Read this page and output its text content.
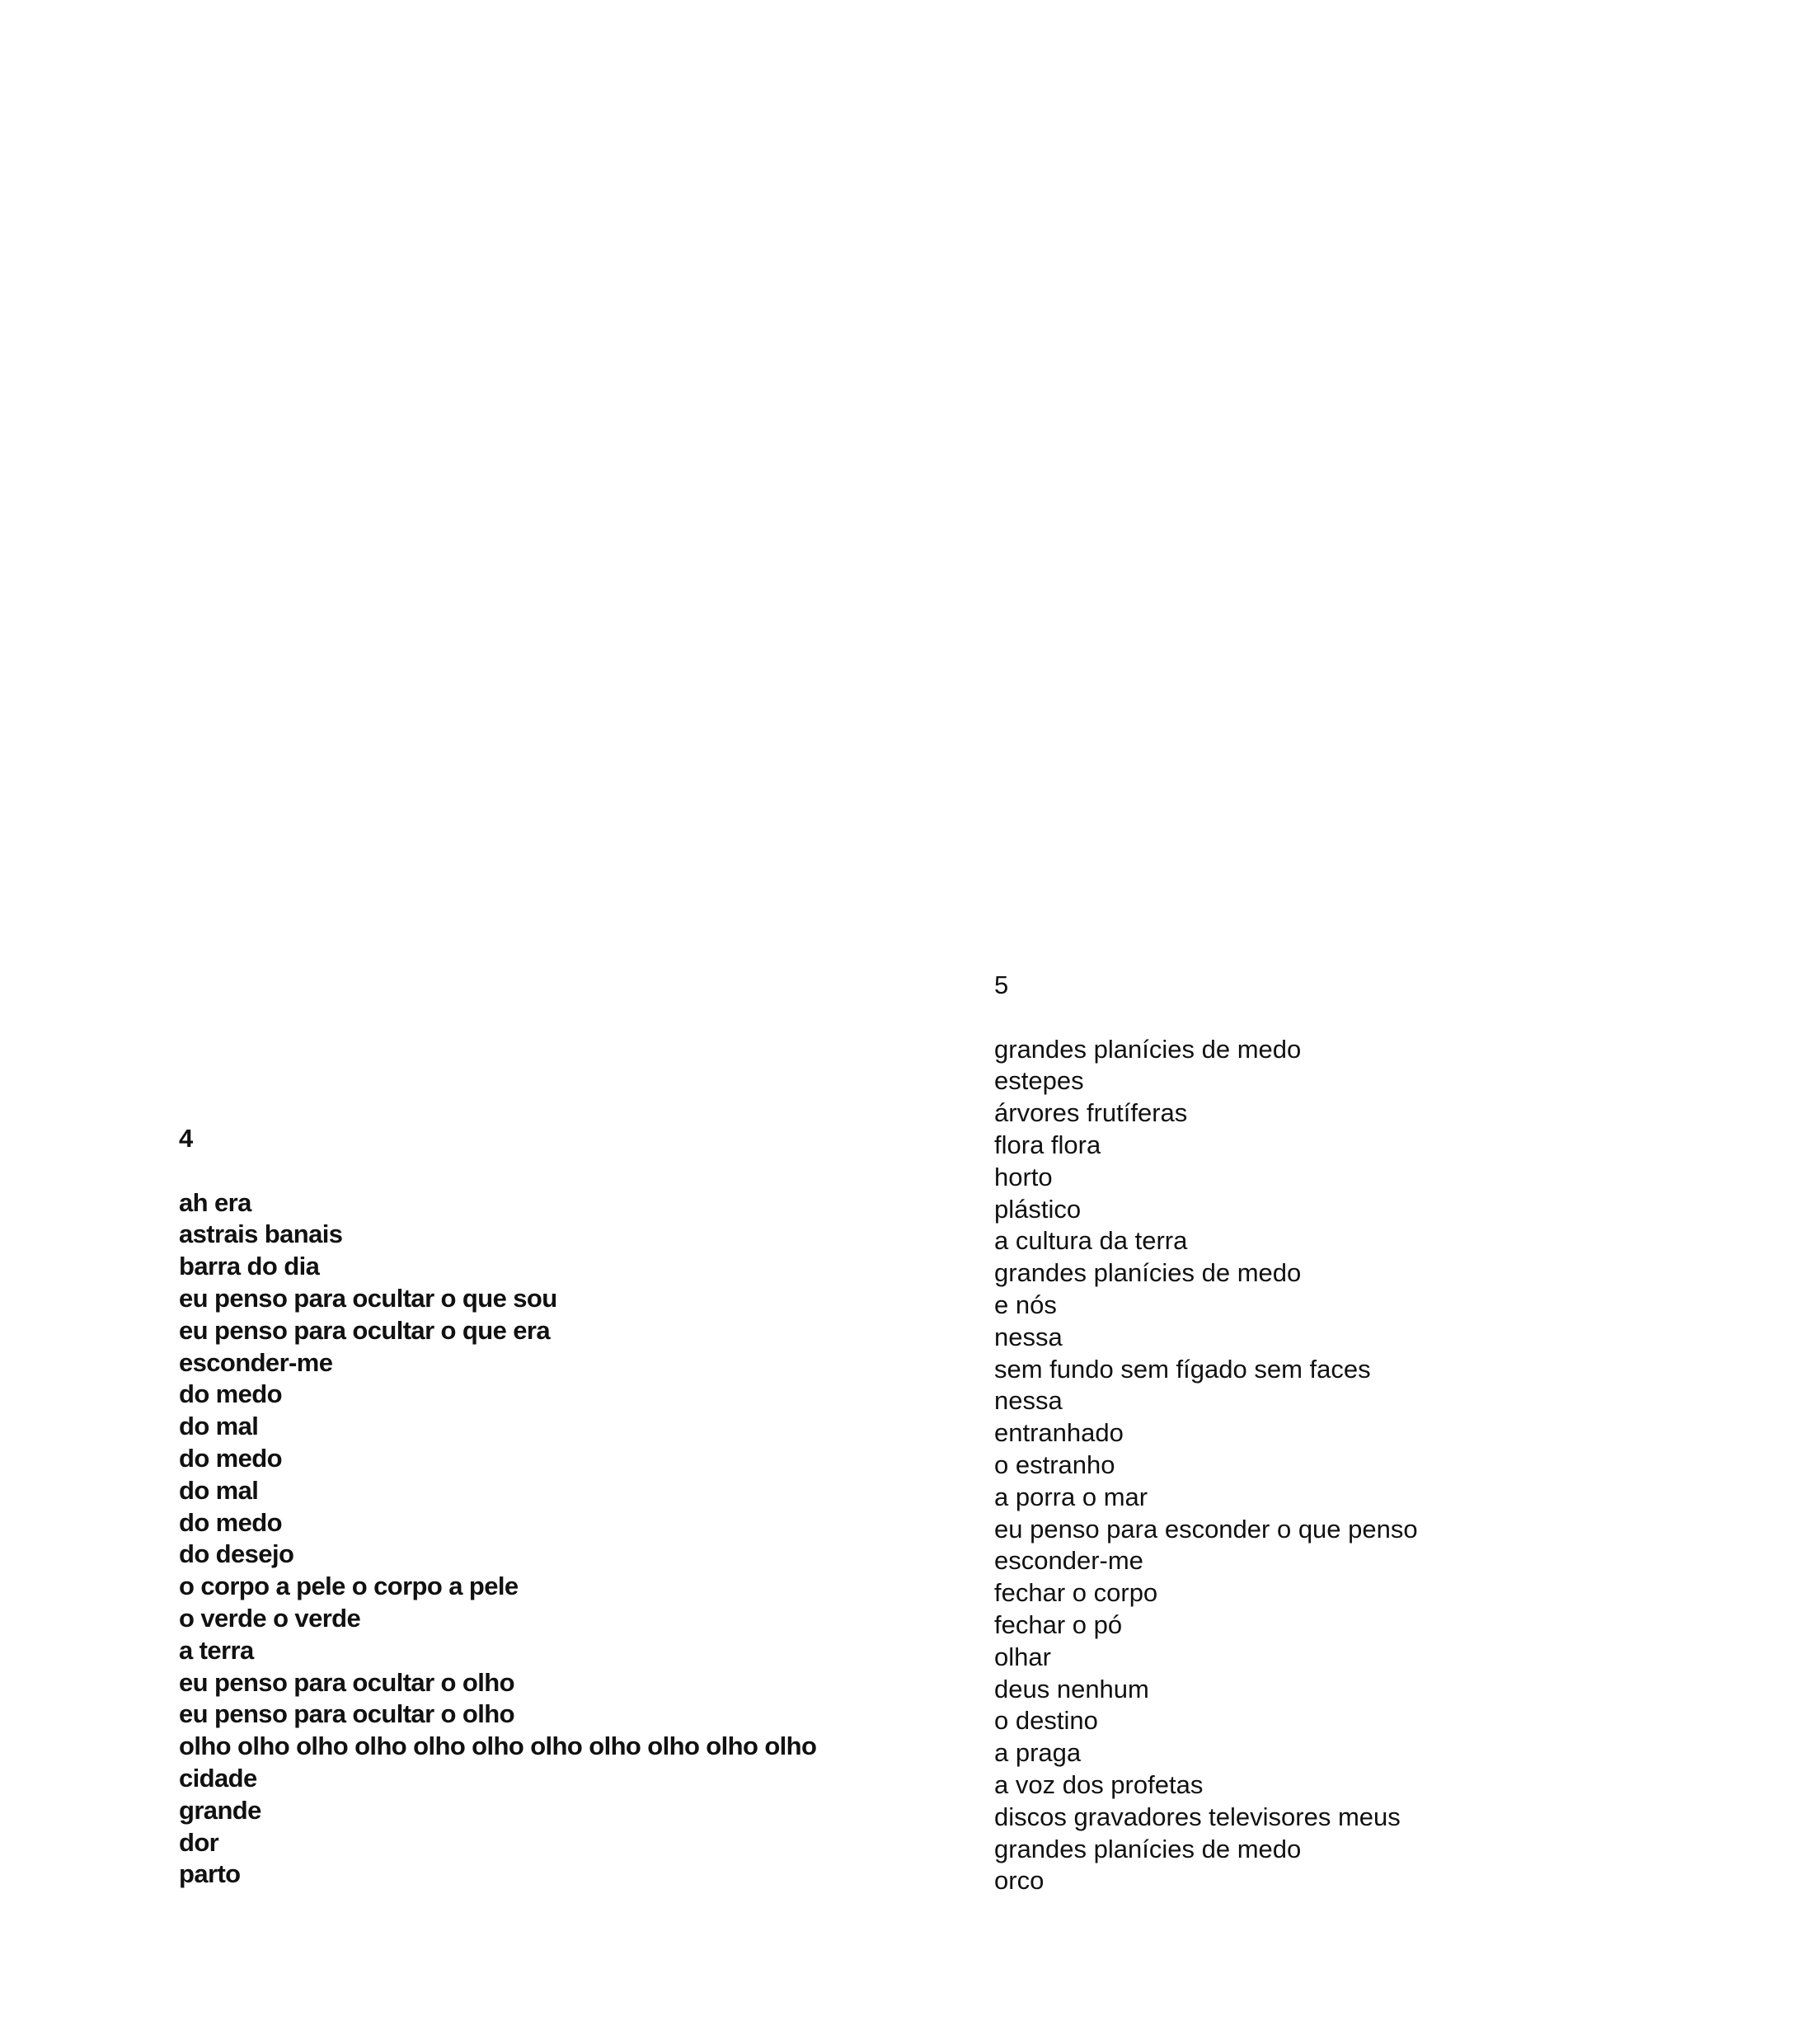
4
ah era
astrais banais
barra do dia
eu penso para ocultar o que sou
eu penso para ocultar o que era
esconder-me
do medo
do mal
do medo
do mal
do medo
do desejo
o corpo a pele o corpo a pele
o verde o verde
a terra
eu penso para ocultar o olho
eu penso para ocultar o olho
olho olho olho olho olho olho olho olho olho olho olho
cidade
grande
dor
parto
5
grandes planícies de medo
estepes
árvores frutíferas
flora flora
horto
plástico
a cultura da terra
grandes planícies de medo
e nós
nessa
sem fundo sem fígado sem faces
nessa
entranhado
o estranho
a porra o mar
eu penso para esconder o que penso
esconder-me
fechar o corpo
fechar o pó
olhar
deus nenhum
o destino
a praga
a voz dos profetas
discos gravadores televisores meus
grandes planícies de medo
orco
